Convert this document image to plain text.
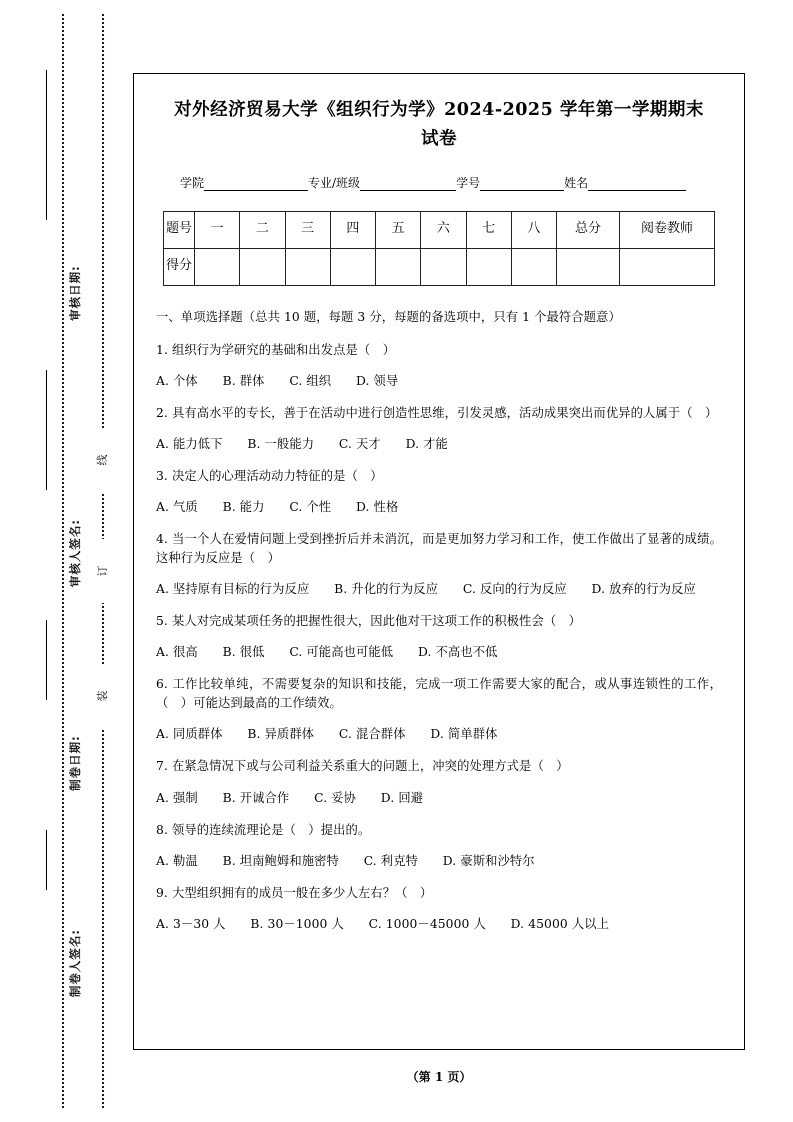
审核日期:
审核人签名:
制卷日期:
制卷人签名:
线
订
装
对外经济贸易大学《组织行为学》2024‑2025 学年第一学期期末
试卷
学院	专业/班级	学号	姓名
题号	一	二	三	四	五	六	七	八	总分	阅卷教师
得分										

一、单项选择题（总共 10 题，每题 3 分，每题的备选项中，只有 1 个最符合题意）

1. 组织行为学研究的基础和出发点是（　）

A. 个体　　B. 群体　　C. 组织　　D. 领导

2. 具有高水平的专长，善于在活动中进行创造性思维，引发灵感，活动成果突出而优异的人属于（　）

A. 能力低下　　B. 一般能力　　C. 天才　　D. 才能

3. 决定人的心理活动动力特征的是（　）

A. 气质　　B. 能力　　C. 个性　　D. 性格

4. 当一个人在爱情问题上受到挫折后并未消沉，而是更加努力学习和工作，使工作做出了显著的成绩。这种行为反应是（　）

A. 坚持原有目标的行为反应　　B. 升化的行为反应　　C. 反向的行为反应　　D. 放弃的行为反应

5. 某人对完成某项任务的把握性很大，因此他对干这项工作的积极性会（　）

A. 很高　　B. 很低　　C. 可能高也可能低　　D. 不高也不低

6. 工作比较单纯，不需要复杂的知识和技能，完成一项工作需要大家的配合，或从事连锁性的工作，（　）可能达到最高的工作绩效。

A. 同质群体　　B. 异质群体　　C. 混合群体　　D. 简单群体

7. 在紧急情况下或与公司利益关系重大的问题上，冲突的处理方式是（　）

A. 强制　　B. 开诚合作　　C. 妥协　　D. 回避

8. 领导的连续流理论是（　）提出的。

A. 勒温　　B. 坦南鲍姆和施密特　　C. 利克特　　D. 豪斯和沙特尔

9. 大型组织拥有的成员一般在多少人左右？（　）

A. 3－30 人　　B. 30－1000 人　　C. 1000－45000 人　　D. 45000 人以上

（第 1 页）
